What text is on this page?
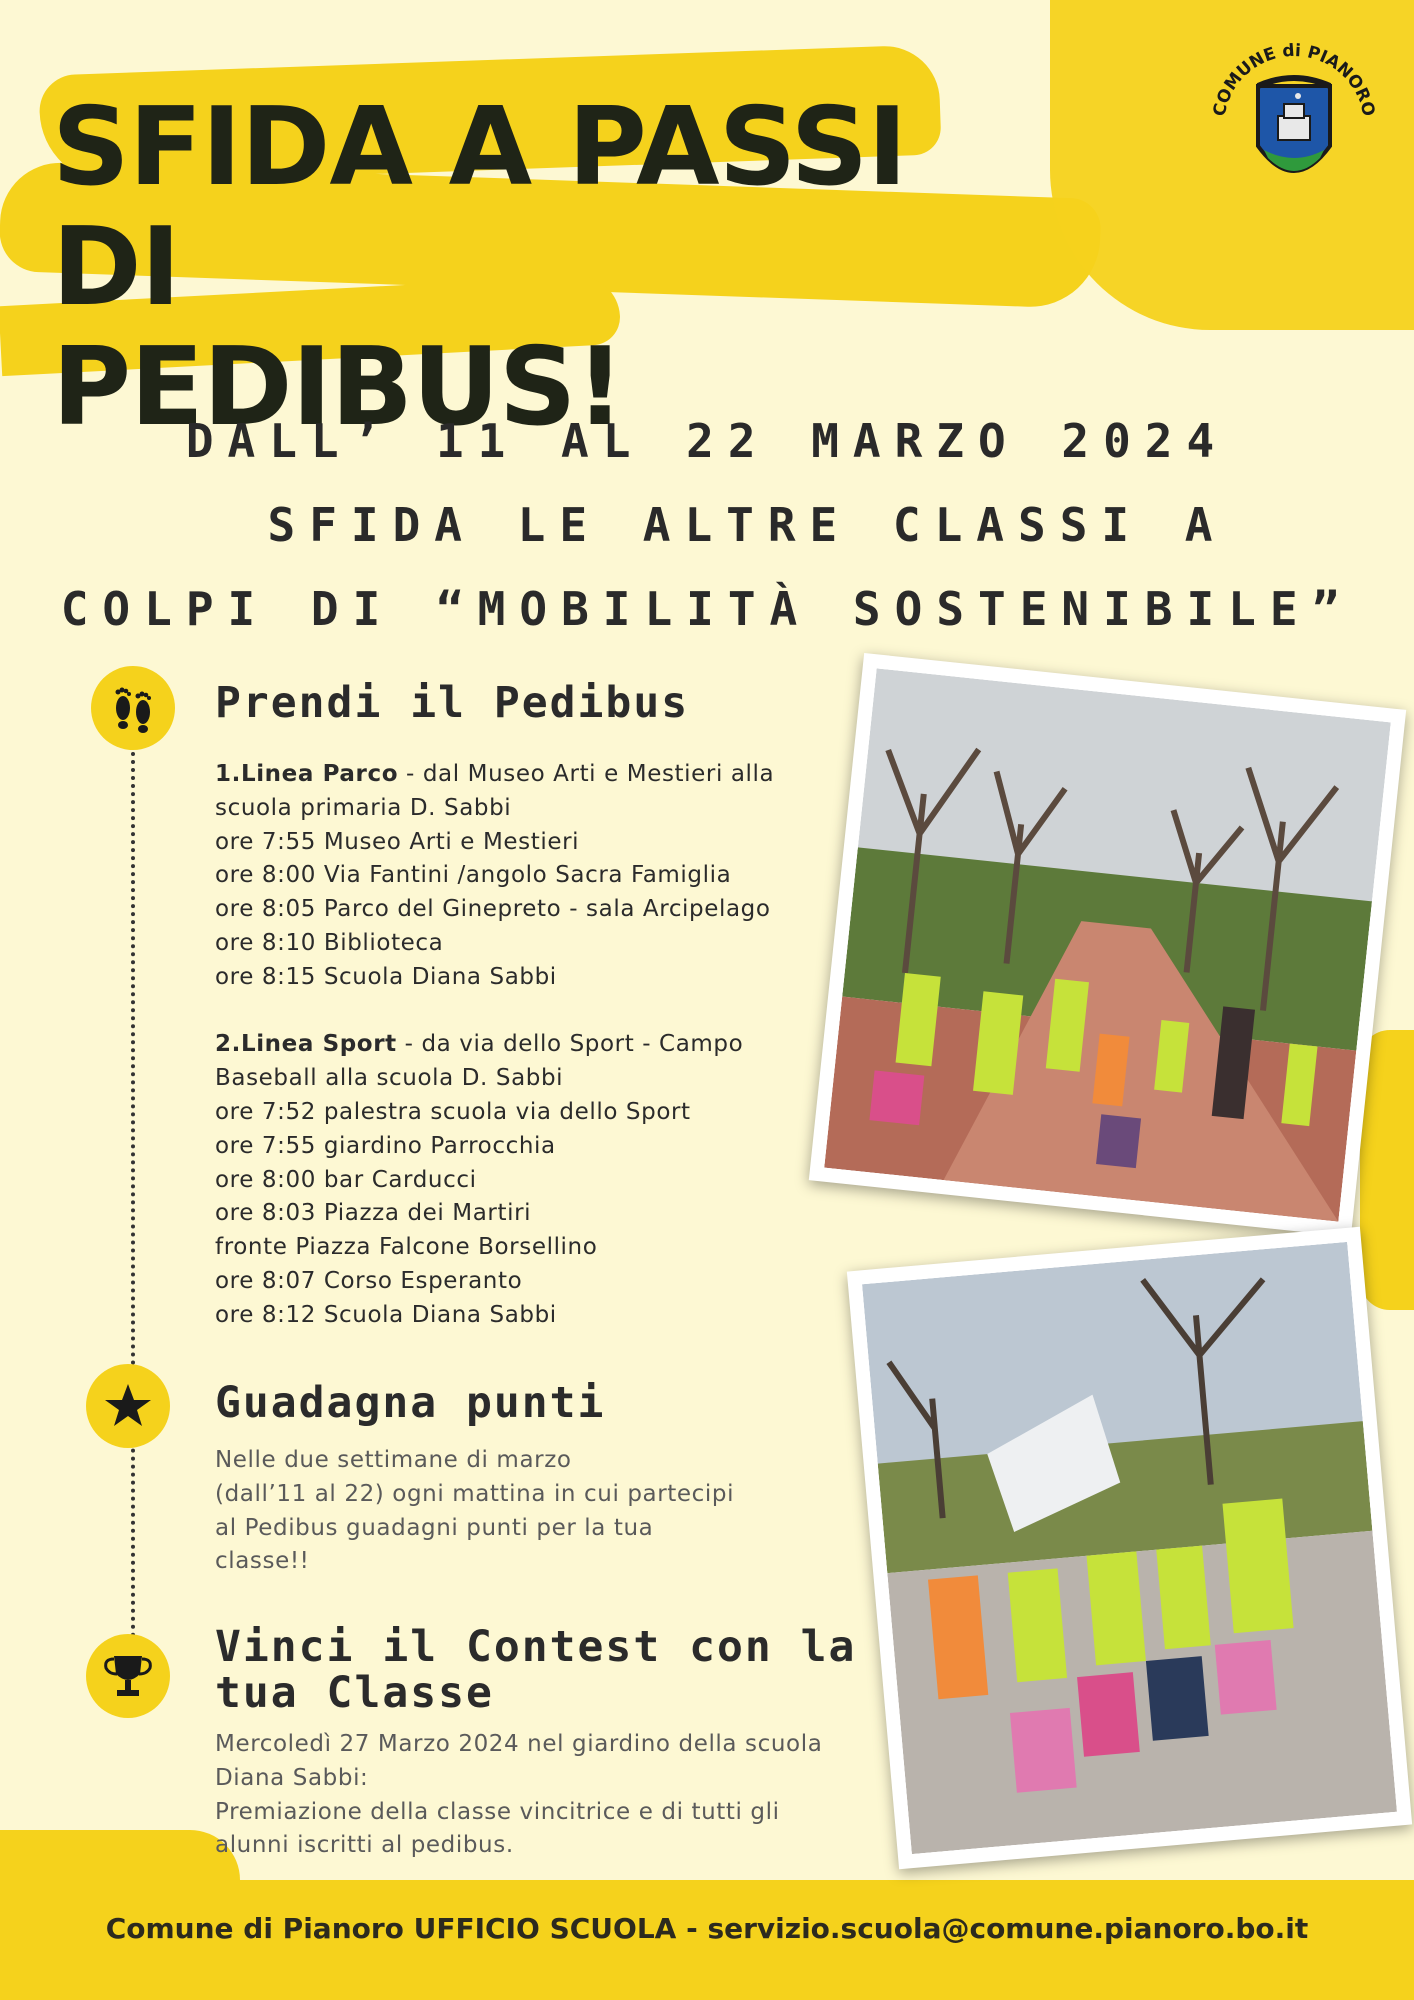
SFIDA A PASSI DI
PEDIBUS!
COMUNE di PIANORO
DALL’ 11 AL 22 MARZO 2024
SFIDA LE ALTRE CLASSI A
COLPI DI “MOBILITÀ SOSTENIBILE”
Prendi il Pedibus
1.Linea Parco - dal Museo Arti e Mestieri alla
scuola primaria D. Sabbi
ore 7:55 Museo Arti e Mestieri
ore 8:00 Via Fantini /angolo Sacra Famiglia
ore 8:05 Parco del Ginepreto - sala Arcipelago
ore 8:10 Biblioteca
ore 8:15 Scuola Diana Sabbi
2.Linea Sport - da via dello Sport - Campo
Baseball alla scuola D. Sabbi
ore 7:52 palestra scuola via dello Sport
ore 7:55 giardino Parrocchia
ore 8:00 bar Carducci
ore 8:03 Piazza dei Martiri
fronte Piazza Falcone Borsellino
ore 8:07 Corso Esperanto
ore 8:12 Scuola Diana Sabbi
Guadagna punti
Nelle due settimane di marzo
(dall’11 al 22) ogni mattina in cui partecipi
al Pedibus guadagni punti per la tua
classe!!
Vinci il Contest con la
tua Classe
Mercoledì 27 Marzo 2024 nel giardino della scuola
Diana Sabbi:
Premiazione della classe vincitrice e di tutti gli
alunni iscritti al pedibus.
Comune di Pianoro UFFICIO SCUOLA - servizio.scuola@comune.pianoro.bo.it
